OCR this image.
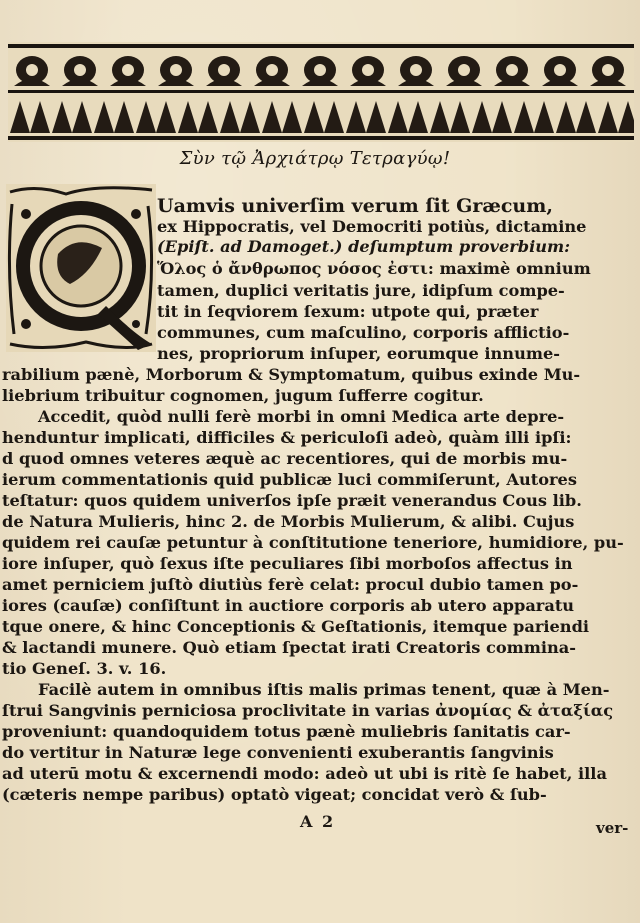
Σὺν τῷ Ἀρχιάτρῳ Τετραγύῳ!
Uamvis univerſim verum ſit Græcum,
ex Hippocratis, vel Democriti potiùs, dictamine
(Epiſt. ad Damoget.) deſumptum proverbium:
Ὅλος ὁ ἄνθρωπος νόσος ἐστι: maximè omnium
tamen, duplici veritatis jure, idipſum compe-
tit in ſeqviorem ſexum: utpote qui, præter
communes, cum maſculino, corporis afflictio-
nes, propriorum inſuper, eorumque innume-
rabilium pænè, Morborum & Symptomatum, quibus exinde Mu-
liebrium tribuitur cognomen, jugum ſufferre cogitur.
Accedit, quòd nulli ferè morbi in omni Medica arte depre-
henduntur implicati, difficiles & periculoſi adeò, quàm illi ipſi:
d quod omnes veteres æquè ac recentiores, qui de morbis mu-
ierum commentationis quid publicæ luci commiſerunt, Autores
teſtatur: quos quidem univerſos ipſe præit venerandus Cous lib.
de Natura Mulieris, hinc 2. de Morbis Mulierum, & alibi. Cujus
quidem rei cauſæ petuntur à conſtitutione teneriore, humidiore, pu-
iore inſuper, quò ſexus iſte peculiares ſibi morboſos affectus in
amet perniciem juſtò diutiùs ferè celat: procul dubio tamen po-
iores (cauſæ) conſiſtunt in auctiore corporis ab utero apparatu
tque onere, & hinc Conceptionis & Geſtationis, itemque pariendi
& lactandi munere. Quò etiam ſpectat irati Creatoris commina-
tio Geneſ. 3. v. 16.
Facilè autem in omnibus iſtis malis primas tenent, quæ à Men-
ſtrui Sangvinis perniciosa proclivitate in varias ἀνομίας & ἀταξίας
proveniunt: quandoquidem totus pænè muliebris ſanitatis car-
do vertitur in Naturæ lege convenienti exuberantis ſangvinis
ad uterū motu & excernendi modo: adeò ut ubi is ritè ſe habet, illa
(cæteris nempe paribus) optatò vigeat; concidat verò & ſub-
A 2	ver-
